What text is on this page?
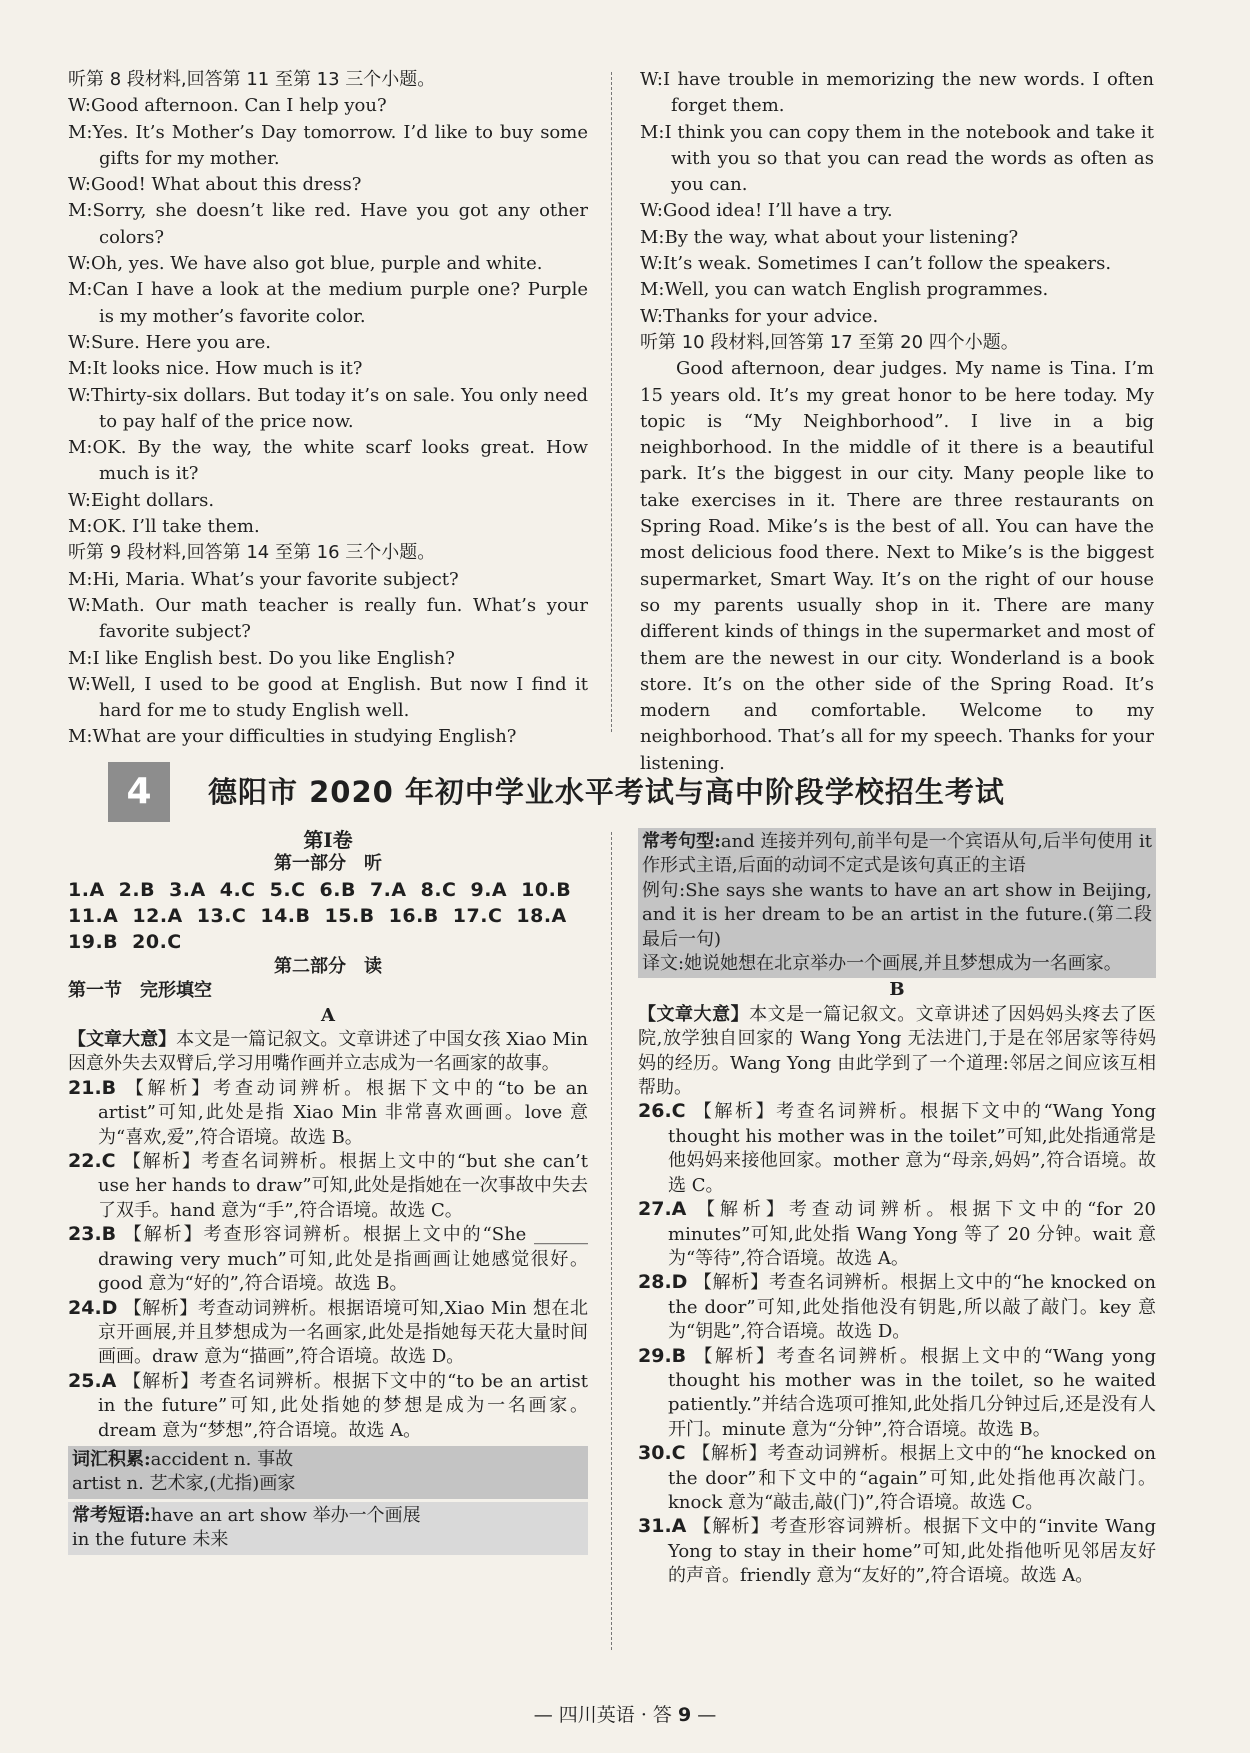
听第 8 段材料,回答第 11 至第 13 三个小题。

W:Good afternoon. Can I help you?

M:Yes. It’s Mother’s Day tomorrow. I’d like to buy some gifts for my mother.

W:Good! What about this dress?

M:Sorry, she doesn’t like red. Have you got any other colors?

W:Oh, yes. We have also got blue, purple and white.

M:Can I have a look at the medium purple one? Purple is my mother’s favorite color.

W:Sure. Here you are.

M:It looks nice. How much is it?

W:Thirty-six dollars. But today it’s on sale. You only need to pay half of the price now.

M:OK. By the way, the white scarf looks great. How much is it?

W:Eight dollars.

M:OK. I’ll take them.

听第 9 段材料,回答第 14 至第 16 三个小题。

M:Hi, Maria. What’s your favorite subject?

W:Math. Our math teacher is really fun. What’s your favorite subject?

M:I like English best. Do you like English?

W:Well, I used to be good at English. But now I find it hard for me to study English well.

M:What are your difficulties in studying English?

W:I have trouble in memorizing the new words. I often forget them.

M:I think you can copy them in the notebook and take it with you so that you can read the words as often as you can.

W:Good idea! I’ll have a try.

M:By the way, what about your listening?

W:It’s weak. Sometimes I can’t follow the speakers.

M:Well, you can watch English programmes.

W:Thanks for your advice.

听第 10 段材料,回答第 17 至第 20 四个小题。

Good afternoon, dear judges. My name is Tina. I’m 15 years old. It’s my great honor to be here today. My topic is “My Neighborhood”. I live in a big neighborhood. In the middle of it there is a beautiful park. It’s the biggest in our city. Many people like to take exercises in it. There are three restaurants on Spring Road. Mike’s is the best of all. You can have the most delicious food there. Next to Mike’s is the biggest supermarket, Smart Way. It’s on the right of our house so my parents usually shop in it. There are many different kinds of things in the supermarket and most of them are the newest in our city. Wonderland is a book store. It’s on the other side of the Spring Road. It’s modern and comfortable. Welcome to my neighborhood. That’s all for my speech. Thanks for your listening.

4	德阳市 2020 年初中学业水平考试与高中阶段学校招生考试

第Ⅰ卷

第一部分　听

1.A 2.B 3.A 4.C 5.C 6.B 7.A 8.C 9.A 10.B
11.A 12.A 13.C 14.B 15.B 16.B 17.C 18.A
19.B 20.C

第二部分　读

第一节　完形填空

A

【文章大意】本文是一篇记叙文。文章讲述了中国女孩 Xiao Min 因意外失去双臂后,学习用嘴作画并立志成为一名画家的故事。

21.B 【解析】考查动词辨析。根据下文中的“to be an artist”可知,此处是指 Xiao Min 非常喜欢画画。love 意为“喜欢,爱”,符合语境。故选 B。

22.C 【解析】考查名词辨析。根据上文中的“but she can’t use her hands to draw”可知,此处是指她在一次事故中失去了双手。hand 意为“手”,符合语境。故选 C。

23.B 【解析】考查形容词辨析。根据上文中的“She ______ drawing very much”可知,此处是指画画让她感觉很好。good 意为“好的”,符合语境。故选 B。

24.D 【解析】考查动词辨析。根据语境可知,Xiao Min 想在北京开画展,并且梦想成为一名画家,此处是指她每天花大量时间画画。draw 意为“描画”,符合语境。故选 D。

25.A 【解析】考查名词辨析。根据下文中的“to be an artist in the future”可知,此处指她的梦想是成为一名画家。dream 意为“梦想”,符合语境。故选 A。

词汇积累:accident n. 事故

artist n. 艺术家,(尤指)画家

常考短语:have an art show 举办一个画展

in the future 未来

常考句型:and 连接并列句,前半句是一个宾语从句,后半句使用 it 作形式主语,后面的动词不定式是该句真正的主语

例句:She says she wants to have an art show in Beijing, and it is her dream to be an artist in the future.(第二段最后一句)

译文:她说她想在北京举办一个画展,并且梦想成为一名画家。

B

【文章大意】本文是一篇记叙文。文章讲述了因妈妈头疼去了医院,放学独自回家的 Wang Yong 无法进门,于是在邻居家等待妈妈的经历。Wang Yong 由此学到了一个道理:邻居之间应该互相帮助。

26.C 【解析】考查名词辨析。根据下文中的“Wang Yong thought his mother was in the toilet”可知,此处指通常是他妈妈来接他回家。mother 意为“母亲,妈妈”,符合语境。故选 C。

27.A 【解析】考查动词辨析。根据下文中的“for 20 minutes”可知,此处指 Wang Yong 等了 20 分钟。wait 意为“等待”,符合语境。故选 A。

28.D 【解析】考查名词辨析。根据上文中的“he knocked on the door”可知,此处指他没有钥匙,所以敲了敲门。key 意为“钥匙”,符合语境。故选 D。

29.B 【解析】考查名词辨析。根据上文中的“Wang yong thought his mother was in the toilet, so he waited patiently.”并结合选项可推知,此处指几分钟过后,还是没有人开门。minute 意为“分钟”,符合语境。故选 B。

30.C 【解析】考查动词辨析。根据上文中的“he knocked on the door”和下文中的“again”可知,此处指他再次敲门。knock 意为“敲击,敲(门)”,符合语境。故选 C。

31.A 【解析】考查形容词辨析。根据下文中的“invite Wang Yong to stay in their home”可知,此处指他听见邻居友好的声音。friendly 意为“友好的”,符合语境。故选 A。

— 四川英语 · 答 9 —
